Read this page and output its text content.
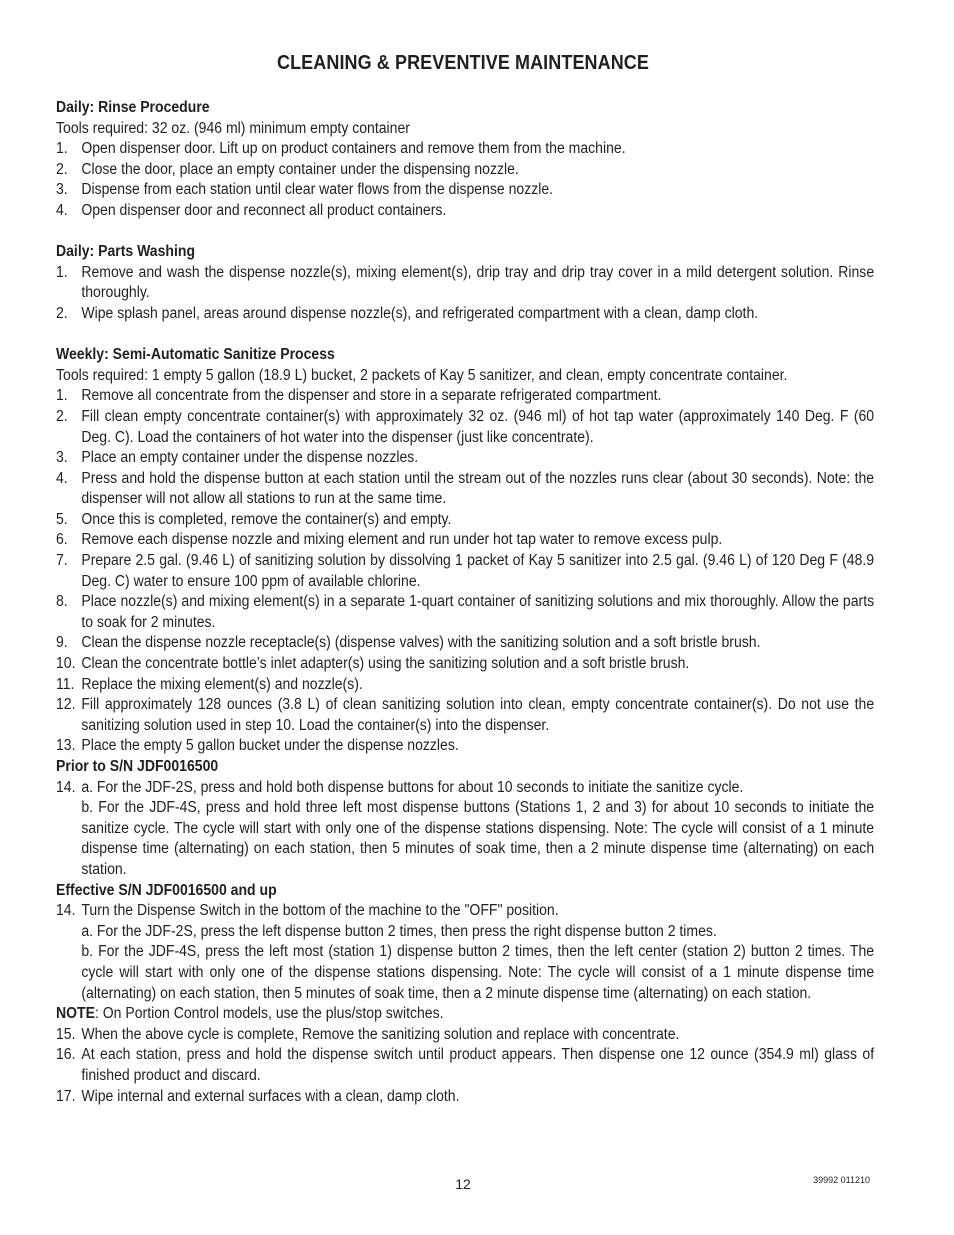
CLEANING & PREVENTIVE MAINTENANCE
Daily: Rinse Procedure
Tools required: 32 oz. (946 ml) minimum empty container
1. Open dispenser door. Lift up on product containers and remove them from the machine.
2. Close the door, place an empty container under the dispensing nozzle.
3. Dispense from each station until clear water flows from the dispense nozzle.
4. Open dispenser door and reconnect all product containers.
Daily: Parts Washing
1. Remove and wash the dispense nozzle(s), mixing element(s), drip tray and drip tray cover in a mild detergent solution. Rinse thoroughly.
2. Wipe splash panel, areas around dispense nozzle(s), and refrigerated compartment with a clean, damp cloth.
Weekly: Semi-Automatic Sanitize Process
Tools required: 1 empty 5 gallon (18.9 L) bucket, 2 packets of Kay 5 sanitizer, and clean, empty concentrate container.
1. Remove all concentrate from the dispenser and store in a separate refrigerated compartment.
2. Fill clean empty concentrate container(s) with approximately 32 oz. (946 ml) of hot tap water (approximately 140 Deg. F (60 Deg. C). Load the containers of hot water into the dispenser (just like concentrate).
3. Place an empty container under the dispense nozzles.
4. Press and hold the dispense button at each station until the stream out of the nozzles runs clear (about 30 seconds). Note: the dispenser will not allow all stations to run at the same time.
5. Once this is completed, remove the container(s) and empty.
6. Remove each dispense nozzle and mixing element and run under hot tap water to remove excess pulp.
7. Prepare 2.5 gal. (9.46 L) of sanitizing solution by dissolving 1 packet of Kay 5 sanitizer into 2.5 gal. (9.46 L) of 120 Deg F (48.9 Deg. C) water to ensure 100 ppm of available chlorine.
8. Place nozzle(s) and mixing element(s) in a separate 1-quart container of sanitizing solutions and mix thoroughly. Allow the parts to soak for 2 minutes.
9. Clean the dispense nozzle receptacle(s) (dispense valves) with the sanitizing solution and a soft bristle brush.
10. Clean the concentrate bottle’s inlet adapter(s) using the sanitizing solution and a soft bristle brush.
11. Replace the mixing element(s) and nozzle(s).
12. Fill approximately 128 ounces (3.8 L) of clean sanitizing solution into clean, empty concentrate container(s). Do not use the sanitizing solution used in step 10. Load the container(s) into the dispenser.
13. Place the empty 5 gallon bucket under the dispense nozzles.
Prior to S/N JDF0016500
14. a. For the JDF-2S, press and hold both dispense buttons for about 10 seconds to initiate the sanitize cycle.
b. For the JDF-4S, press and hold three left most dispense buttons (Stations 1, 2 and 3) for about 10 seconds to initiate the sanitize cycle. The cycle will start with only one of the dispense stations dispensing. Note: The cycle will consist of a 1 minute dispense time (alternating) on each station, then 5 minutes of soak time, then a 2 minute dispense time (alternating) on each station.
Effective S/N JDF0016500 and up
14. Turn the Dispense Switch in the bottom of the machine to the "OFF" position.
a. For the JDF-2S, press the left dispense button 2 times, then press the right dispense button 2 times.
b. For the JDF-4S, press the left most (station 1) dispense button 2 times, then the left center (station 2) button 2 times. The cycle will start with only one of the dispense stations dispensing. Note: The cycle will consist of a 1 minute dispense time (alternating) on each station, then 5 minutes of soak time, then a 2 minute dispense time (alternating) on each station.
NOTE: On Portion Control models, use the plus/stop switches.
15. When the above cycle is complete, Remove the sanitizing solution and replace with concentrate.
16. At each station, press and hold the dispense switch until product appears. Then dispense one 12 ounce (354.9 ml) glass of finished product and discard.
17. Wipe internal and external surfaces with a clean, damp cloth.
12	39992 011210
